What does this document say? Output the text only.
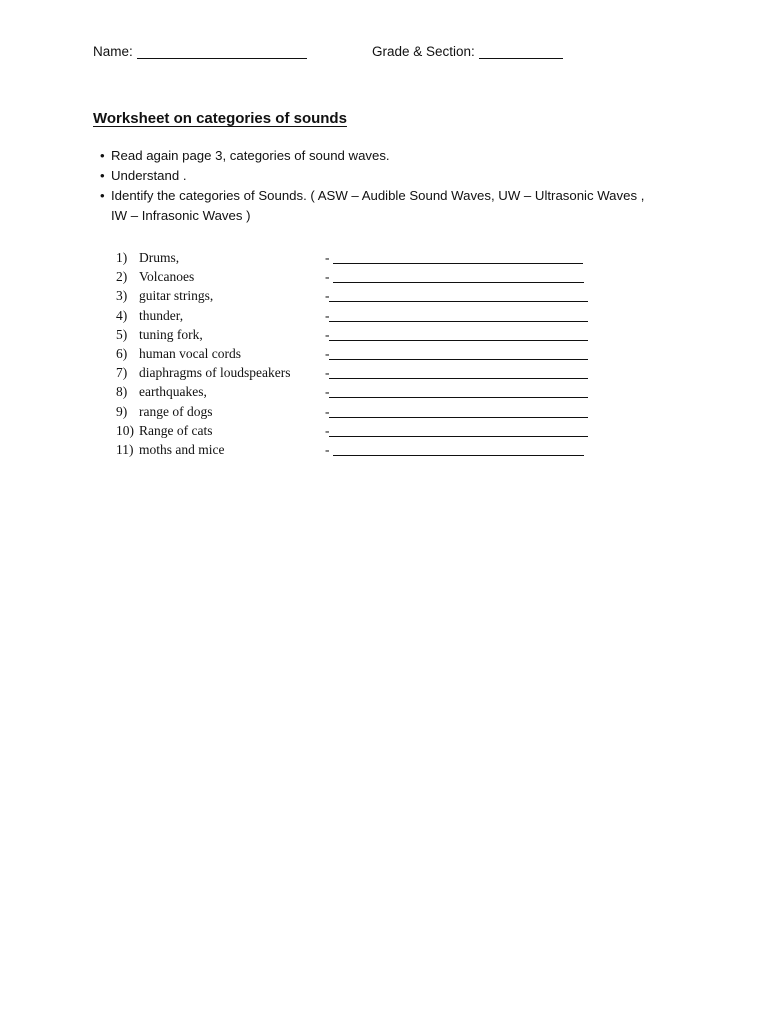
Name:	Grade & Section:
Worksheet on categories of sounds
• Read again page 3, categories of sound waves.
• Understand .
• Identify the categories of Sounds. ( ASW – Audible Sound Waves, UW – Ultrasonic Waves , IW – Infrasonic Waves )
1) Drums,	-
2) Volcanoes	-
3) guitar strings,	-
4) thunder,	-
5) tuning fork,	-
6) human vocal cords	-
7) diaphragms of loudspeakers	-
8) earthquakes,	-
9) range of dogs	-
10) Range of cats	-
11) moths and mice	-
